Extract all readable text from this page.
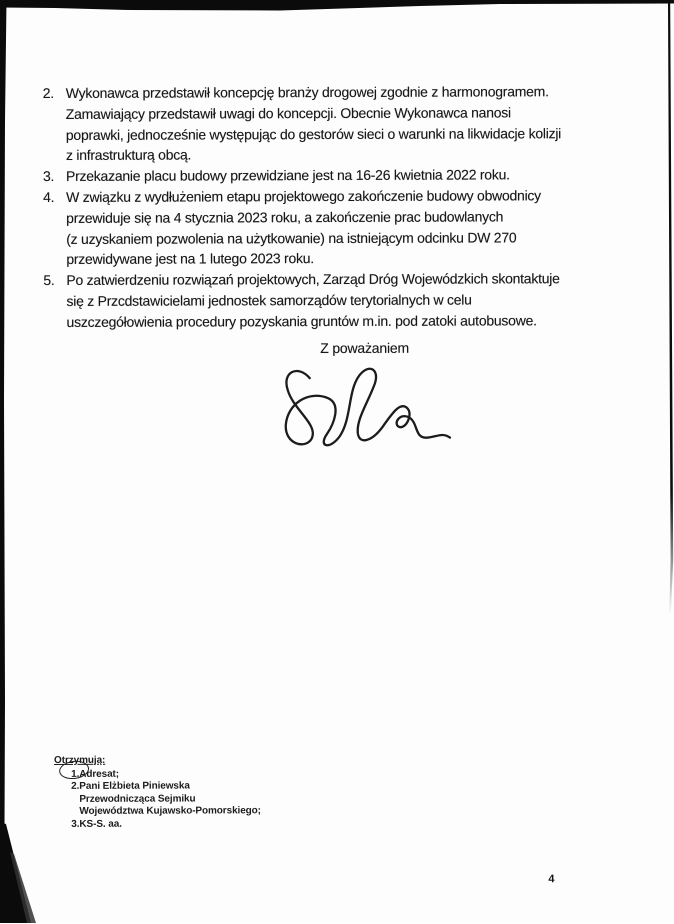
2. Wykonawca przedstawił koncepcję branży drogowej zgodnie z harmonogramem.
Zamawiający przedstawił uwagi do koncepcji. Obecnie Wykonawca nanosi
poprawki, jednocześnie występując do gestorów sieci o warunki na likwidacje kolizji
z infrastrukturą obcą.
3. Przekazanie placu budowy przewidziane jest na 16-26 kwietnia 2022 roku.
4. W związku z wydłużeniem etapu projektowego zakończenie budowy obwodnicy
przewiduje się na 4 stycznia 2023 roku, a zakończenie prac budowlanych
(z uzyskaniem pozwolenia na użytkowanie) na istniejącym odcinku DW 270
przewidywane jest na 1 lutego 2023 roku.
5. Po zatwierdzeniu rozwiązań projektowych, Zarząd Dróg Wojewódzkich skontaktuje
się z Przcdstawicielami jednostek samorządów terytorialnych w celu
uszczegółowienia procedury pozyskania gruntów m.in. pod zatoki autobusowe.
Z poważaniem
Otrzymują:
1. Adresat;
2. Pani Elżbieta Piniewska
Przewodnicząca Sejmiku
Województwa Kujawsko-Pomorskiego;
3. KS-S. aa.
4
